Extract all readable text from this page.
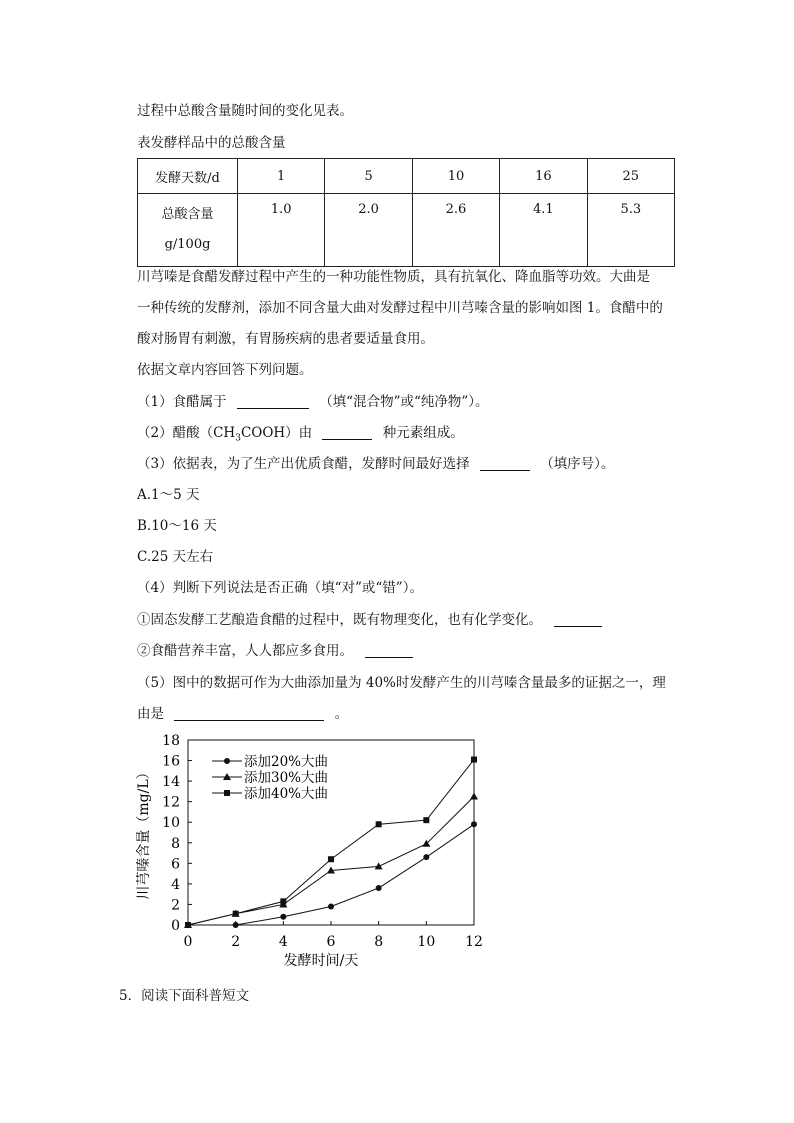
过程中总酸含量随时间的变化见表。
表发酵样品中的总酸含量
发酵天数/d	1	5	10	16	25

总酸含量
g/100g	1.0	2.0	2.6	4.1	5.3
川芎嗪是食醋发酵过程中产生的一种功能性物质，具有抗氧化、降血脂等功效。大曲是
一种传统的发酵剂，添加不同含量大曲对发酵过程中川芎嗪含量的影响如图 1。食醋中的
酸对肠胃有刺激，有胃肠疾病的患者要适量食用。
依据文章内容回答下列问题。
（1）食醋属于	（填“混合物”或“纯净物”）。
（2）醋酸$(CH_3COOH)$由	种元素组成。
（3）依据表，为了生产出优质食醋，发酵时间最好选择	（填序号）。
A.1～5 天
B.10～16 天
C.25 天左右
（4）判断下列说法是否正确（填“对”或“错”）。
①固态发酵工艺酿造食醋的过程中，既有物理变化，也有化学变化。
②食醋营养丰富，人人都应多食用。
（5）图中的数据可作为大曲添加量为 40%时发酵产生的川芎嗪含量最多的证据之一，理
由是	。
0
2
4
6
8
10
12
14
16
18
0	2	4	6	8 10 12
发酵时间/天
川芎嗪含量（mg/L）
添加20%大曲
添加30%大曲
添加40%大曲
5．阅读下面科普短文
